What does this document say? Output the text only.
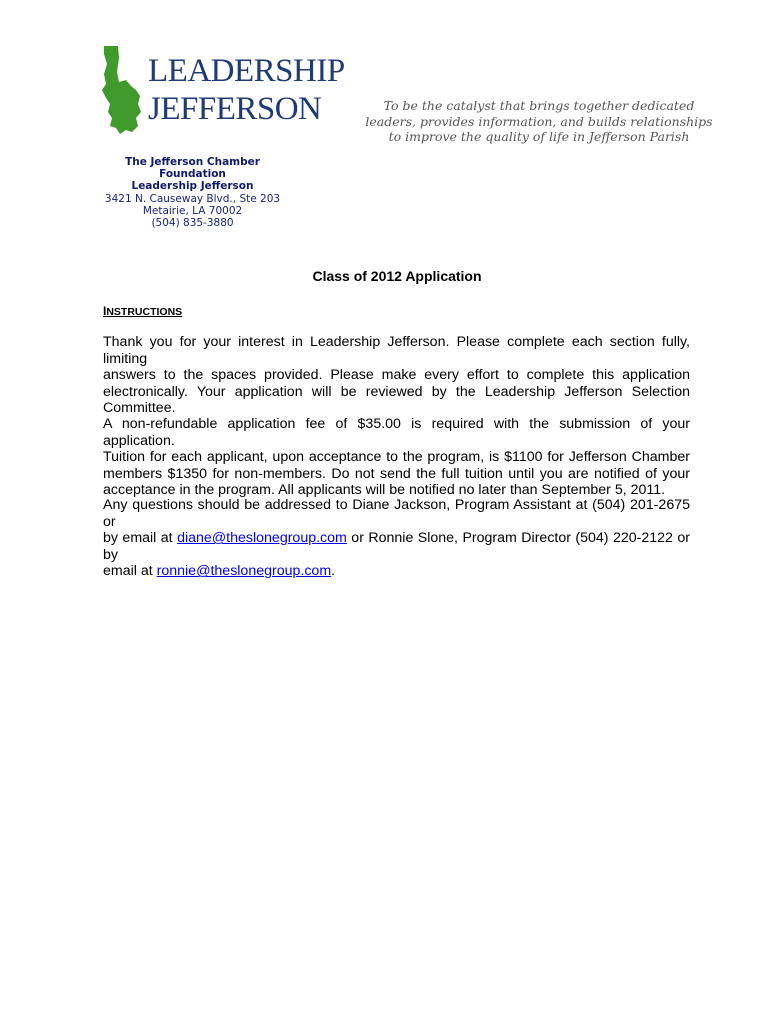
LEADERSHIP
JEFFERSON	To be the catalyst that brings together dedicated
leaders, provides information, and builds relationships
to improve the quality of life in Jefferson Parish
The Jefferson Chamber Foundation
Leadership Jefferson
3421 N. Causeway Blvd., Ste 203
Metairie, LA 70002
(504) 835-3880
Class of 2012 Application
INSTRUCTIONS
Thank you for your interest in Leadership Jefferson. Please complete each section fully, limiting
answers to the spaces provided. Please make every effort to complete this application
electronically. Your application will be reviewed by the Leadership Jefferson Selection
Committee.
A non-refundable application fee of $35.00 is required with the submission of your application.
Tuition for each applicant, upon acceptance to the program, is $1100 for Jefferson Chamber
members $1350 for non-members. Do not send the full tuition until you are notified of your
acceptance in the program. All applicants will be notified no later than September 5, 2011.
Any questions should be addressed to Diane Jackson, Program Assistant at (504) 201-2675 or
by email at diane@theslonegroup.com or Ronnie Slone, Program Director (504) 220-2122 or by
email at ronnie@theslonegroup.com.
